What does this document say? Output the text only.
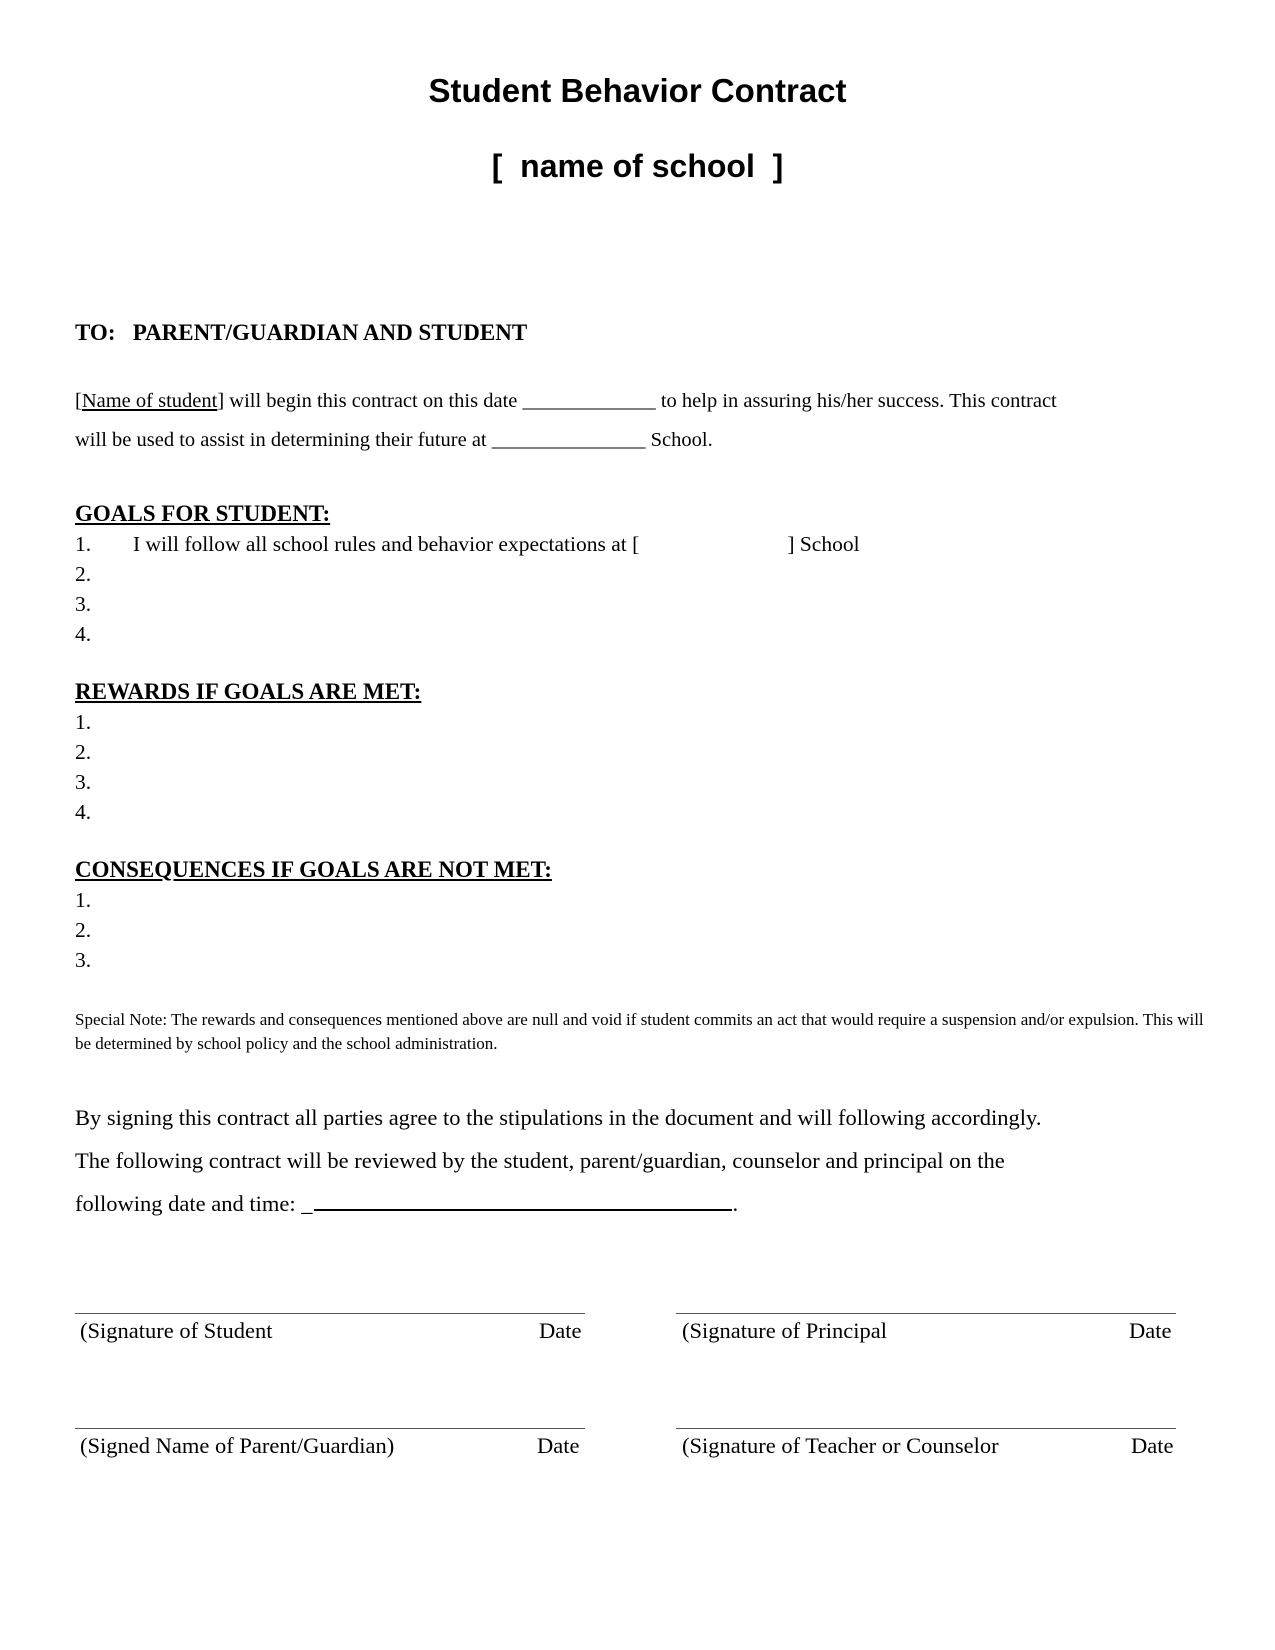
Student Behavior Contract
[  name of school  ]
TO:   PARENT/GUARDIAN AND STUDENT
[Name of student] will begin this contract on this date _____________ to help in assuring his/her success. This contract
will be used to assist in determining their future at _______________ School.
GOALS FOR STUDENT:
1. I will follow all school rules and behavior expectations at [	] School
2.
3.
4.
REWARDS IF GOALS ARE MET:
1.
2.
3.
4.
CONSEQUENCES IF GOALS ARE NOT MET:
1.
2.
3.
Special Note: The rewards and consequences mentioned above are null and void if student commits an act that would require a suspension and/or expulsion. This will be determined by school policy and the school administration.
By signing this contract all parties agree to the stipulations in the document and will following accordingly.
The following contract will be reviewed by the student, parent/guardian, counselor and principal on the
following date and time: _	.
(Signature of Student	Date	(Signature of Principal	Date
(Signed Name of Parent/Guardian)	Date	(Signature of Teacher or Counselor	Date
